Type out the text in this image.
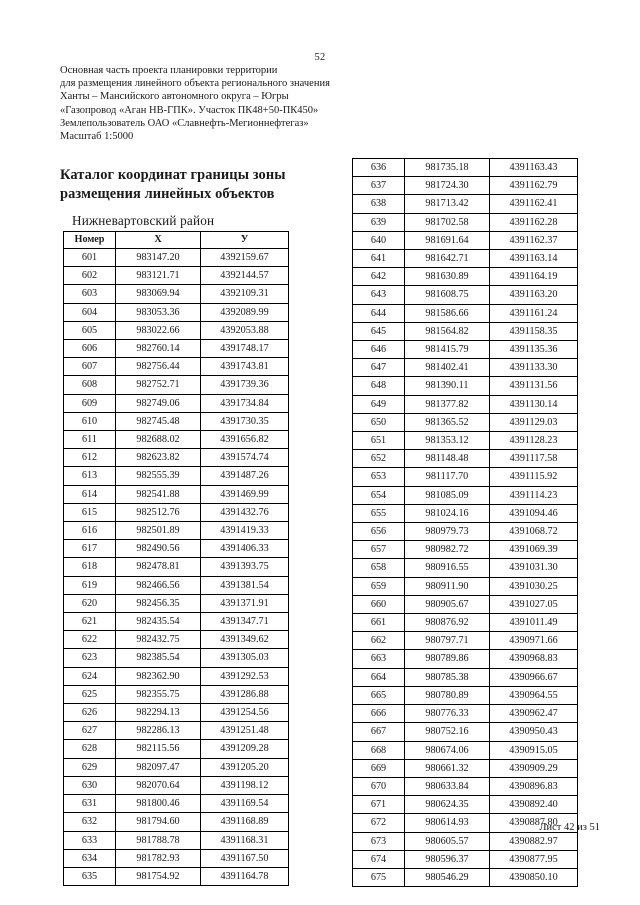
52
Основная часть проекта планировки территории
для размещения линейного объекта регионального значения
Ханты – Мансийского автономного округа – Югры
«Газопровод «Аган НВ-ГПК». Участок ПК48+50-ПК450»
Землепользователь ОАО «Славнефть-Мегионнефтегаз»
Масштаб 1:5000
Каталог координат границы зоны
размещения линейных объектов
Нижневартовский район
Номер	X	У
601	983147.20	4392159.67
602	983121.71	4392144.57
603	983069.94	4392109.31
604	983053.36	4392089.99
605	983022.66	4392053.88
606	982760.14	4391748.17
607	982756.44	4391743.81
608	982752.71	4391739.36
609	982749.06	4391734.84
610	982745.48	4391730.35
611	982688.02	4391656.82
612	982623.82	4391574.74
613	982555.39	4391487.26
614	982541.88	4391469.99
615	982512.76	4391432.76
616	982501.89	4391419.33
617	982490.56	4391406.33
618	982478.81	4391393.75
619	982466.56	4391381.54
620	982456.35	4391371.91
621	982435.54	4391347.71
622	982432.75	4391349.62
623	982385.54	4391305.03
624	982362.90	4391292.53
625	982355.75	4391286.88
626	982294.13	4391254.56
627	982286.13	4391251.48
628	982115.56	4391209.28
629	982097.47	4391205.20
630	982070.64	4391198.12
631	981800.46	4391169.54
632	981794.60	4391168.89
633	981788.78	4391168.31
634	981782.93	4391167.50
635	981754.92	4391164.78
636	981735.18	4391163.43
637	981724.30	4391162.79
638	981713.42	4391162.41
639	981702.58	4391162.28
640	981691.64	4391162.37
641	981642.71	4391163.14
642	981630.89	4391164.19
643	981608.75	4391163.20
644	981586.66	4391161.24
645	981564.82	4391158.35
646	981415.79	4391135.36
647	981402.41	4391133.30
648	981390.11	4391131.56
649	981377.82	4391130.14
650	981365.52	4391129.03
651	981353.12	4391128.23
652	981148.48	4391117.58
653	981117.70	4391115.92
654	981085.09	4391114.23
655	981024.16	4391094.46
656	980979.73	4391068.72
657	980982.72	4391069.39
658	980916.55	4391031.30
659	980911.90	4391030.25
660	980905.67	4391027.05
661	980876.92	4391011.49
662	980797.71	4390971.66
663	980789.86	4390968.83
664	980785.38	4390966.67
665	980780.89	4390964.55
666	980776.33	4390962.47
667	980752.16	4390950.43
668	980674.06	4390915.05
669	980661.32	4390909.29
670	980633.84	4390896.83
671	980624.35	4390892.40
672	980614.93	4390887.80
673	980605.57	4390882.97
674	980596.37	4390877.95
675	980546.29	4390850.10
Лист 42 из 51
